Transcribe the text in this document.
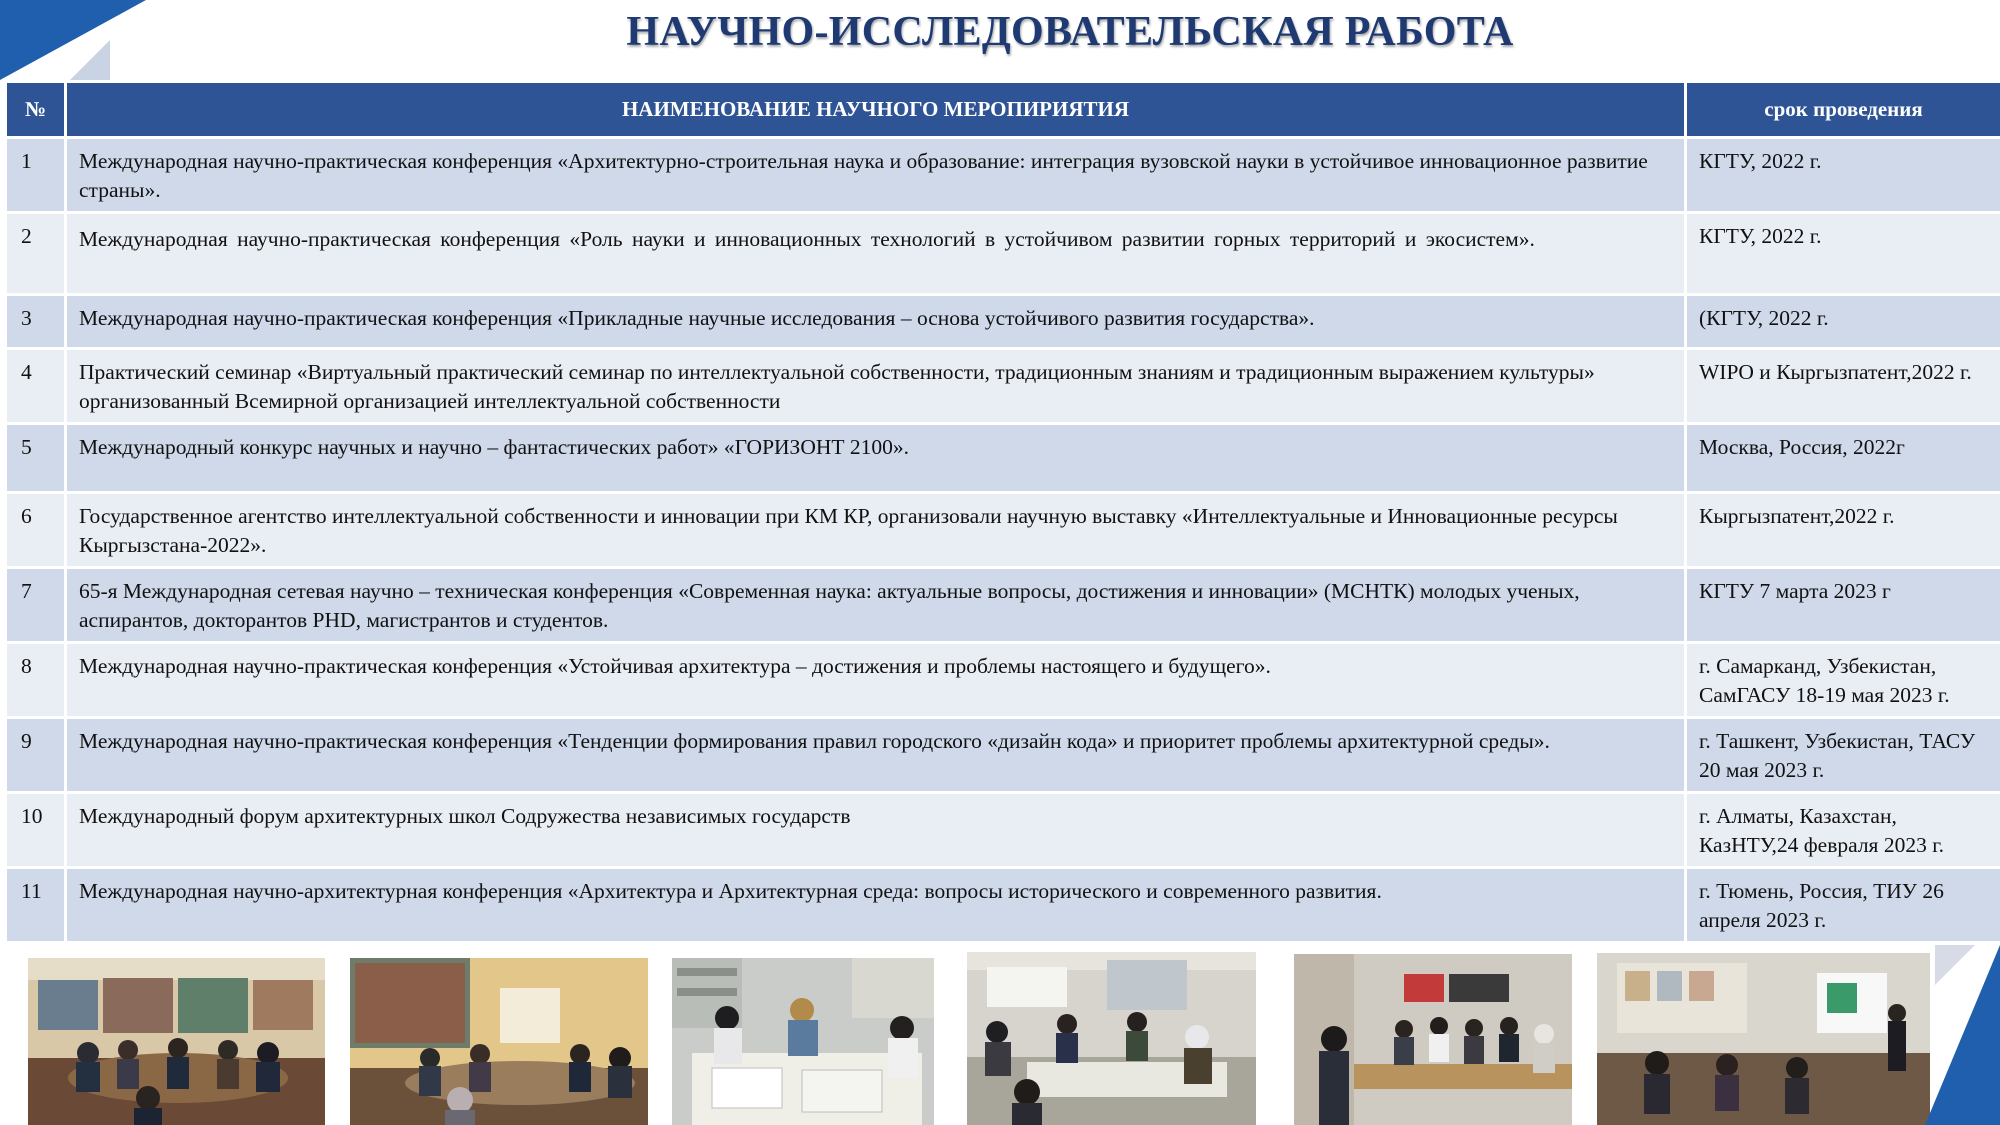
НАУЧНО-ИССЛЕДОВАТЕЛЬСКАЯ РАБОТА
№	НАИМЕНОВАНИЕ НАУЧНОГО МЕРОПИРИЯТИЯ	срок проведения
1	Международная научно-практическая конференция «Архитектурно-строительная наука и образование: интеграция вузовской науки в устойчивое инновационное развитие страны».	КГТУ, 2022 г.
2	Международная научно-практическая конференция «Роль науки и инновационных технологий в устойчивом развитии горных территорий и экосистем».	КГТУ, 2022 г.
3	Международная научно-практическая конференция «Прикладные научные исследования – основа устойчивого развития государства».	(КГТУ, 2022 г.
4	Практический семинар «Виртуальный практический семинар по интеллектуальной собственности, традиционным знаниям и традиционным выражением культуры» организованный Всемирной организацией интеллектуальной собственности	WIPO и Кыргызпатент,2022 г.
5	Международный конкурс научных и научно – фантастических работ» «ГОРИЗОНТ 2100».	Москва, Россия, 2022г
6	Государственное агентство интеллектуальной собственности и инновации при КМ КР, организовали научную выставку «Интеллектуальные и Инновационные ресурсы Кыргызстана-2022».	Кыргызпатент,2022 г.
7	65-я Международная сетевая научно – техническая конференция «Современная наука: актуальные вопросы, достижения и инновации» (МСНТК) молодых ученых, аспирантов, докторантов PHD, магистрантов и студентов.	КГТУ 7 марта 2023 г
8	Международная научно-практическая конференция «Устойчивая архитектура – достижения и проблемы настоящего и будущего».	г. Самарканд, Узбекистан, СамГАСУ 18-19 мая 2023 г.
9	Международная научно-практическая конференция «Тенденции формирования правил городского «дизайн кода» и приоритет проблемы архитектурной среды».	г. Ташкент, Узбекистан, ТАСУ 20 мая 2023 г.
10	Международный форум архитектурных школ Содружества независимых государств	г. Алматы, Казахстан, КазНТУ,24 февраля 2023 г.
11	Международная научно-архитектурная конференция «Архитектура и Архитектурная среда: вопросы исторического и современного развития.	г. Тюмень, Россия, ТИУ 26 апреля 2023 г.
